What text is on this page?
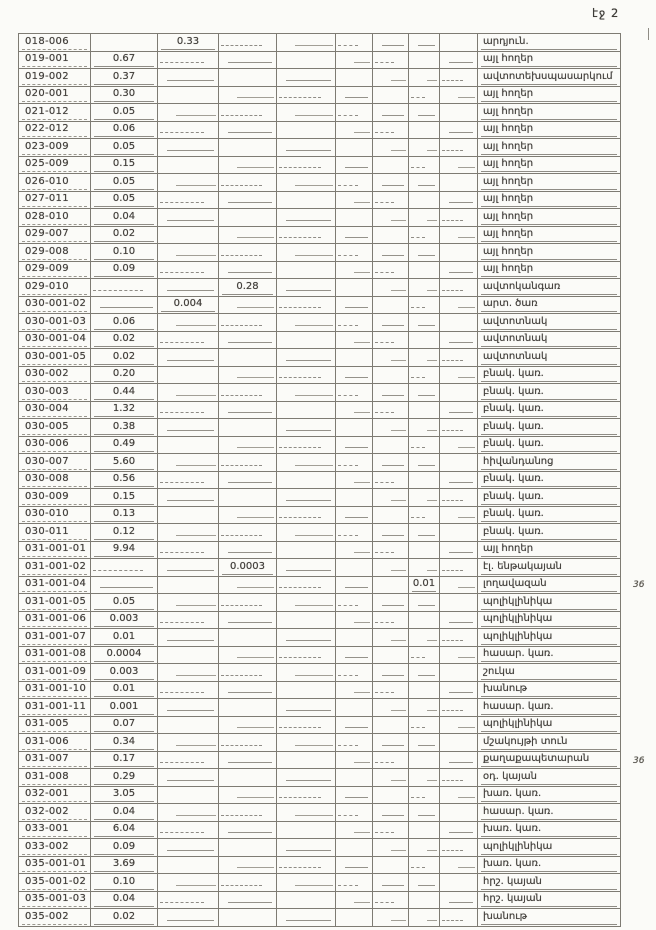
էջ 2
018-006		0.33							արդյուն.

019-001	0.67								այլ հողեր

019-002	0.37								ավտոտեխսպասարկում

020-001	0.30								այլ հողեր

021-012	0.05								այլ հողեր

022-012	0.06								այլ հողեր

023-009	0.05								այլ հողեր

025-009	0.15								այլ հողեր

026-010	0.05								այլ հողեր

027-011	0.05								այլ հողեր

028-010	0.04								այլ հողեր

029-007	0.02								այլ հողեր

029-008	0.10								այլ հողեր

029-009	0.09								այլ հողեր

029-010			0.28						ավտոկանգառ

030-001-02		0.004							արտ. ծառ

030-001-03	0.06								ավտոտնակ

030-001-04	0.02								ավտոտնակ

030-001-05	0.02								ավտոտնակ

030-002	0.20								բնակ. կառ.

030-003	0.44								բնակ. կառ.

030-004	1.32								բնակ. կառ.

030-005	0.38								բնակ. կառ.

030-006	0.49								բնակ. կառ.

030-007	5.60								հիվանդանոց

030-008	0.56								բնակ. կառ.

030-009	0.15								բնակ. կառ.

030-010	0.13								բնակ. կառ.

030-011	0.12								բնակ. կառ.

031-001-01	9.94								այլ հողեր

031-001-02			0.0003						էլ. ենթակայան

031-001-04							0.01		լողավազան

031-001-05	0.05								պոլիկլինիկա

031-001-06	0.003								պոլիկլինիկա

031-001-07	0.01								պոլիկլինիկա

031-001-08	0.0004								հասար. կառ.

031-001-09	0.003								շուկա

031-001-10	0.01								խանութ

031-001-11	0.001								հասար. կառ.

031-005	0.07								պոլիկլինիկա

031-006	0.34								մշակույթի տուն

031-007	0.17								քաղաքապետարան

031-008	0.29								օդ. կայան

032-001	3.05								խառ. կառ.

032-002	0.04								հասար. կառ.

033-001	6.04								խառ. կառ.

033-002	0.09								պոլիկլինիկա

035-001-01	3.69								խառ. կառ.

035-001-02	0.10								հրշ. կայան

035-001-03	0.04								հրշ. կայան

035-002	0.02								խանութ
36
36
